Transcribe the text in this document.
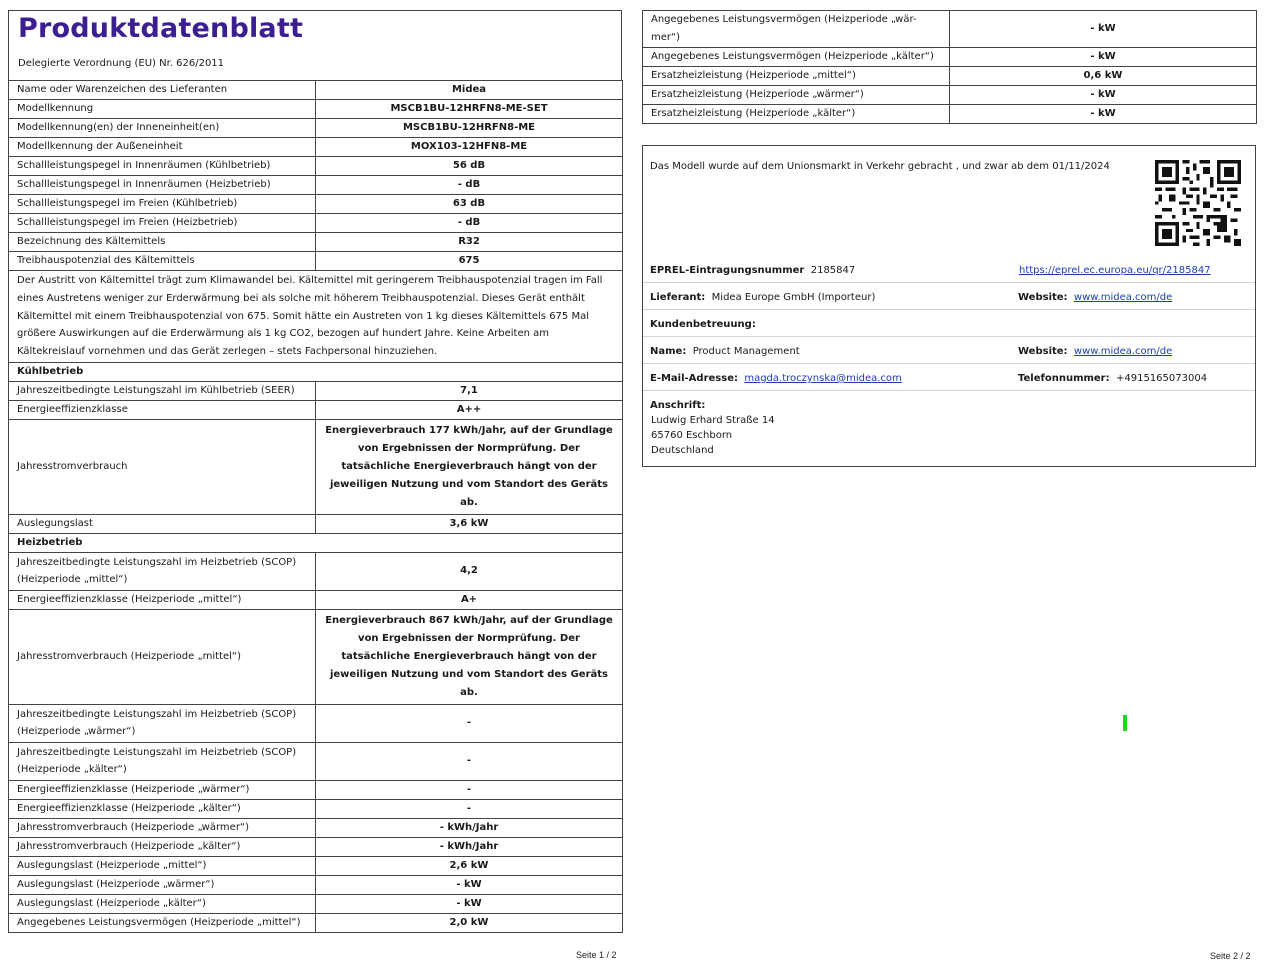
Produktdatenblatt
Delegierte Verordnung (EU) Nr. 626/2011
Name oder Warenzeichen des Lieferanten	Midea
Modellkennung	MSCB1BU-12HRFN8-ME-SET
Modellkennung(en) der Inneneinheit(en)	MSCB1BU-12HRFN8-ME
Modellkennung der Außeneinheit	MOX103-12HFN8-ME
Schallleistungspegel in Innenräumen (Kühlbetrieb)	56 dB
Schallleistungspegel in Innenräumen (Heizbetrieb)	- dB
Schallleistungspegel im Freien (Kühlbetrieb)	63 dB
Schallleistungspegel im Freien (Heizbetrieb)	- dB
Bezeichnung des Kältemittels	R32
Treibhauspotenzial des Kältemittels	675
Der Austritt von Kältemittel trägt zum Klimawandel bei. Kältemittel mit geringerem Treibhauspotenzial tragen im Fall eines Austretens weniger zur Erderwärmung bei als solche mit höherem Treibhauspotenzial. Dieses Gerät enthält Kältemittel mit einem Treibhauspotenzial von 675. Somit hätte ein Austreten von 1 kg dieses Kältemittels 675 Mal größere Auswirkungen auf die Erderwärmung als 1 kg CO2, bezogen auf hundert Jahre. Keine Arbeiten am Kältekreislauf vornehmen und das Gerät zerlegen – stets Fachpersonal hinzuziehen.	
Kühlbetrieb	
Jahreszeitbedingte Leistungszahl im Kühlbetrieb (SEER)	7,1
Energieeffizienzklasse	A++
Jahresstromverbrauch	Energieverbrauch 177 kWh/Jahr, auf der Grundlage von Ergebnissen der Normprüfung. Der tatsächliche Energieverbrauch hängt von der jeweiligen Nutzung und vom Standort des Geräts ab.
Auslegungslast	3,6 kW
Heizbetrieb	
Jahreszeitbedingte Leistungszahl im Heizbetrieb (SCOP) (Heizperiode „mittel“)	4,2
Energieeffizienzklasse (Heizperiode „mittel“)	A+
Jahresstromverbrauch (Heizperiode „mittel“)	Energieverbrauch 867 kWh/Jahr, auf der Grundlage von Ergebnissen der Normprüfung. Der tatsächliche Energieverbrauch hängt von der jeweiligen Nutzung und vom Standort des Geräts ab.
Jahreszeitbedingte Leistungszahl im Heizbetrieb (SCOP) (Heizperiode „wärmer“)	-
Jahreszeitbedingte Leistungszahl im Heizbetrieb (SCOP) (Heizperiode „kälter“)	-
Energieeffizienzklasse (Heizperiode „wärmer“)	-
Energieeffizienzklasse (Heizperiode „kälter“)	-
Jahresstromverbrauch (Heizperiode „wärmer“)	- kWh/Jahr
Jahresstromverbrauch (Heizperiode „kälter“)	- kWh/Jahr
Auslegungslast (Heizperiode „mittel“)	2,6 kW
Auslegungslast (Heizperiode „wärmer“)	- kW
Auslegungslast (Heizperiode „kälter“)	- kW
Angegebenes Leistungsvermögen (Heizperiode „mittel“)	2,0 kW
Seite 1 / 2
Angegebenes Leistungsvermögen (Heizperiode „wär-mer“)	- kW
Angegebenes Leistungsvermögen (Heizperiode „kälter“)	- kW
Ersatzheizleistung (Heizperiode „mittel“)	0,6 kW
Ersatzheizleistung (Heizperiode „wärmer“)	- kW
Ersatzheizleistung (Heizperiode „kälter“)	- kW
Das Modell wurde auf dem Unionsmarkt in Verkehr gebracht , und zwar ab dem 01/11/2024
EPREL-Eintragungsnummer 2185847	https://eprel.ec.europa.eu/qr/2185847
Lieferant: Midea Europe GmbH (Importeur)	Website: www.midea.com/de
Kundenbetreuung:
Name: Product Management	Website: www.midea.com/de
E-Mail-Adresse: magda.troczynska@midea.com	Telefonnummer: +4915165073004
Anschrift:
Ludwig Erhard Straße 14
65760 Eschborn
Deutschland
Seite 2 / 2
